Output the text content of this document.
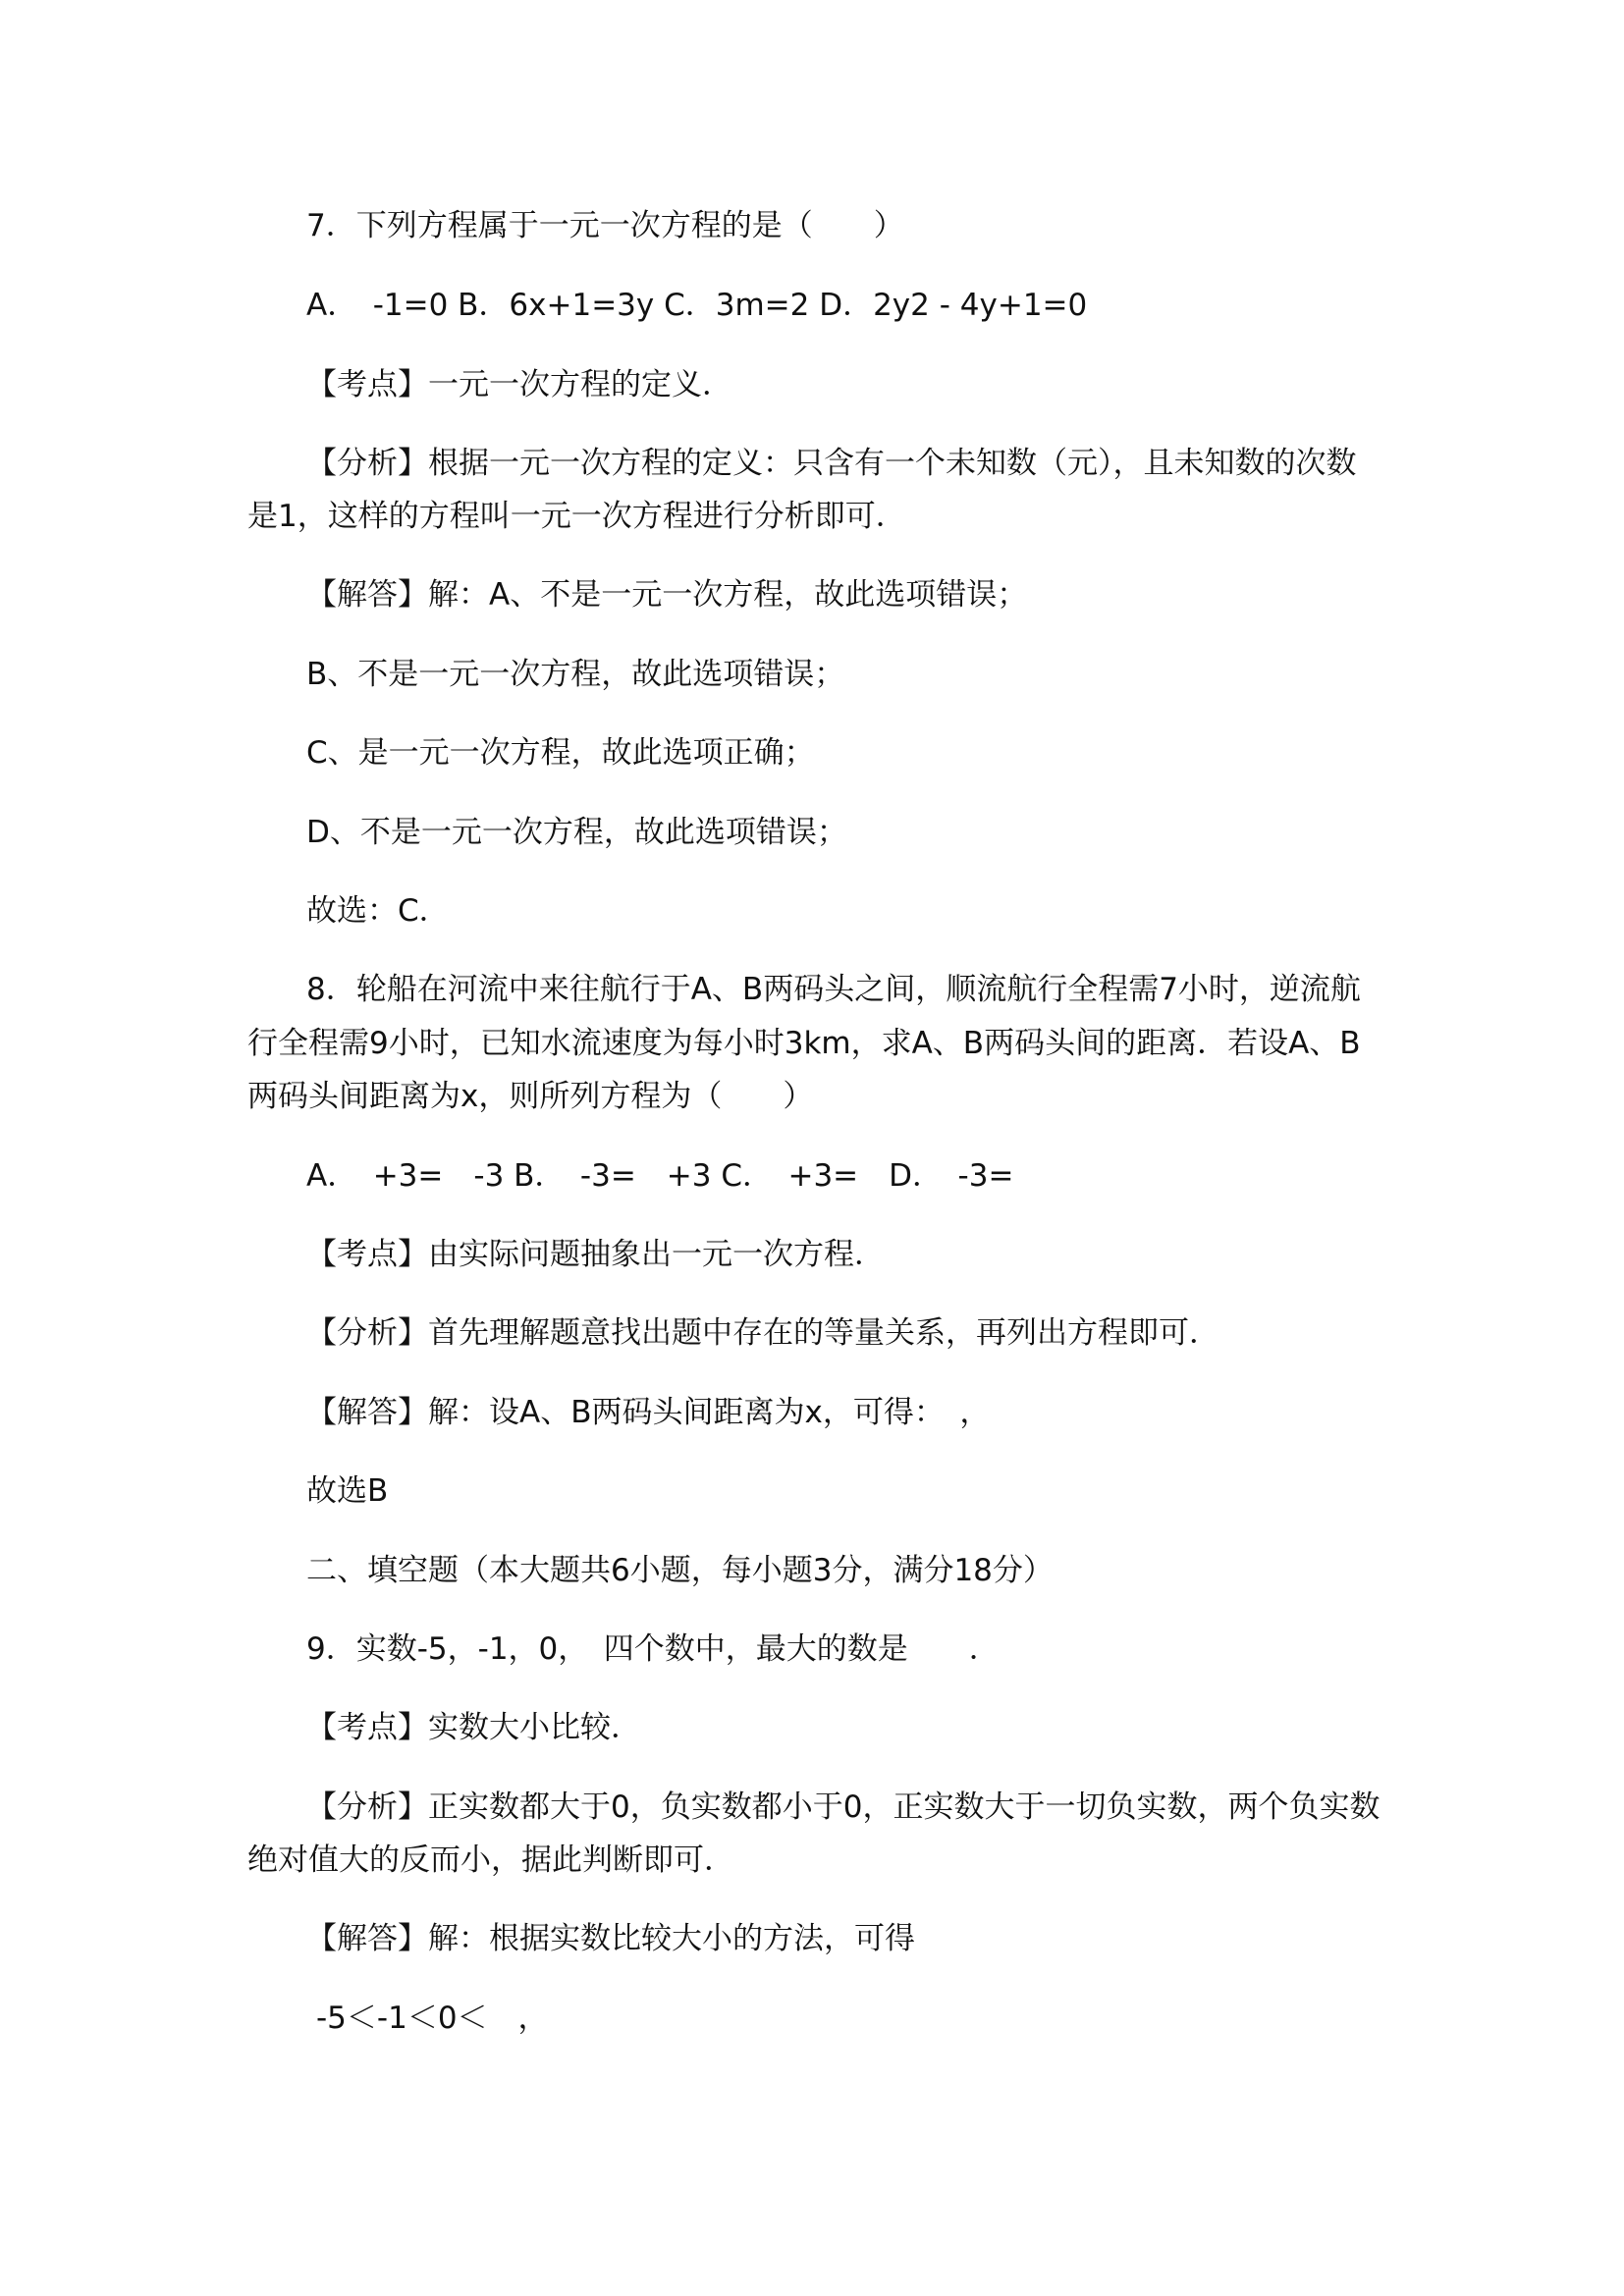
7．下列方程属于一元一次方程的是（　　）
A．　-1=0 B．6x+1=3y C．3m=2 D．2y2 - 4y+1=0
【考点】一元一次方程的定义．
【分析】根据一元一次方程的定义：只含有一个未知数（元），且未知数的次数
是1，这样的方程叫一元一次方程进行分析即可．
【解答】解：A、不是一元一次方程，故此选项错误；
B、不是一元一次方程，故此选项错误；
C、是一元一次方程，故此选项正确；
D、不是一元一次方程，故此选项错误；
故选：C．
8．轮船在河流中来往航行于A、B两码头之间，顺流航行全程需7小时，逆流航
行全程需9小时，已知水流速度为每小时3km，求A、B两码头间的距离．若设A、B
两码头间距离为x，则所列方程为（　　）
A．　+3=　-3 B．　-3=　+3 C．　+3=　D．　-3=
【考点】由实际问题抽象出一元一次方程．
【分析】首先理解题意找出题中存在的等量关系，再列出方程即可．
【解答】解：设A、B两码头间距离为x，可得：　，
故选B
二、填空题（本大题共6小题，每小题3分，满分18分）
9．实数-5，-1，0，　四个数中，最大的数是　　．
【考点】实数大小比较．
【分析】正实数都大于0，负实数都小于0，正实数大于一切负实数，两个负实数
绝对值大的反而小，据此判断即可．
【解答】解：根据实数比较大小的方法，可得
-5＜-1＜0＜　，
